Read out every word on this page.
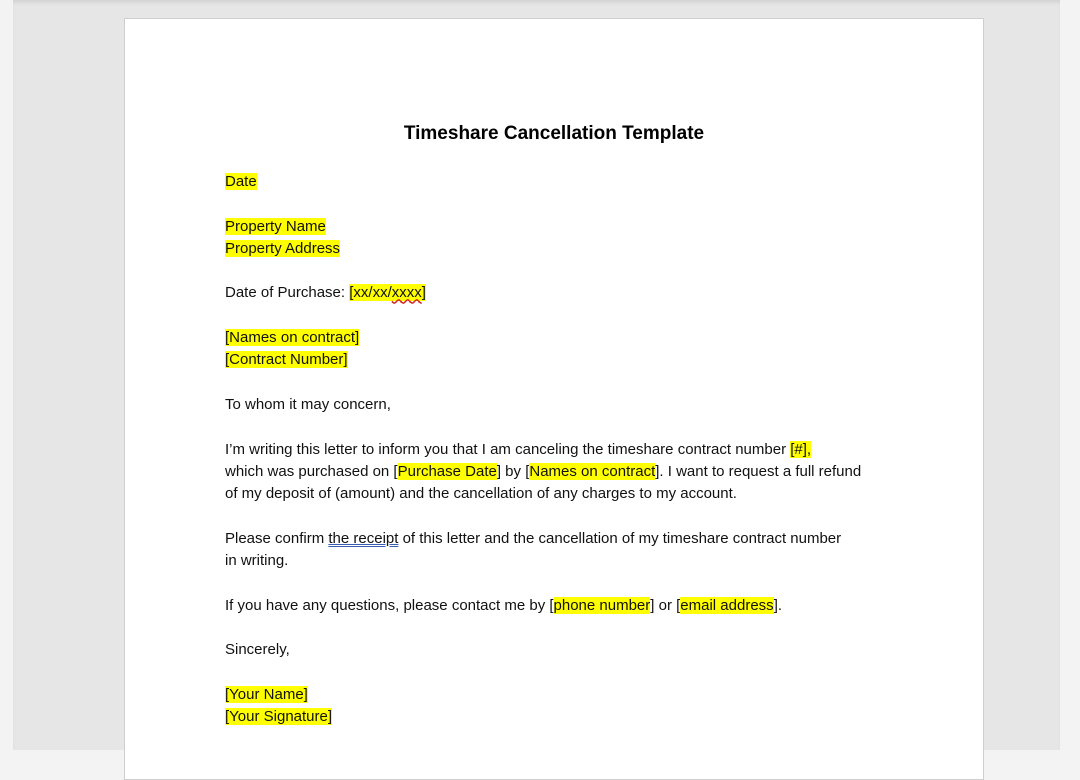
Timeshare Cancellation Template
Date
Property Name
Property Address
Date of Purchase: [xx/xx/xxxx]
[Names on contract]
[Contract Number]
To whom it may concern,
I’m writing this letter to inform you that I am canceling the timeshare contract number [#],
which was purchased on [Purchase Date] by [Names on contract]. I want to request a full refund
of my deposit of (amount) and the cancellation of any charges to my account.
Please confirm the receipt of this letter and the cancellation of my timeshare contract number
in writing.
If you have any questions, please contact me by [phone number] or [email address].
Sincerely,
[Your Name]
[Your Signature]
